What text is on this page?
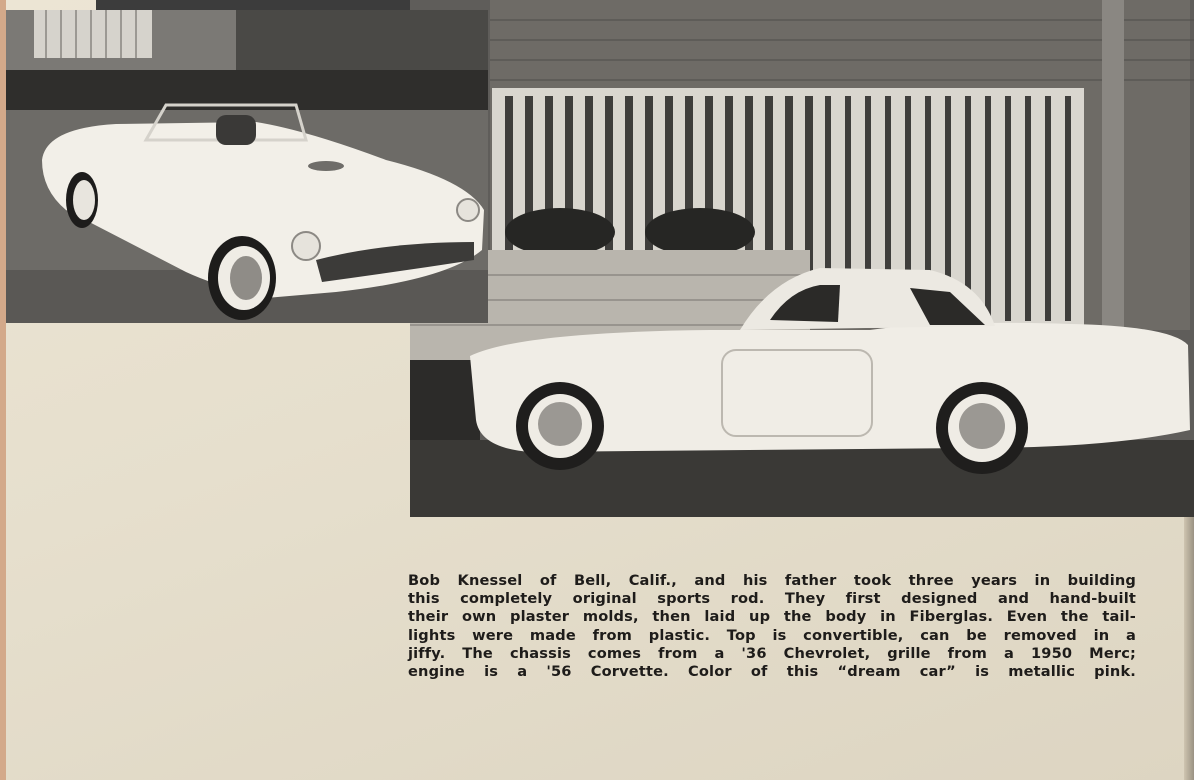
Bob Knessel of Bell, Calif., and his father took three years in building
this completely original sports rod. They first designed and hand-built
their own plaster molds, then laid up the body in Fiberglas. Even the tail-
lights were made from plastic. Top is convertible, can be removed in a
jiffy. The chassis comes from a '36 Chevrolet, grille from a 1950 Merc;
engine is a '56 Corvette. Color of this “dream car” is metallic pink.
